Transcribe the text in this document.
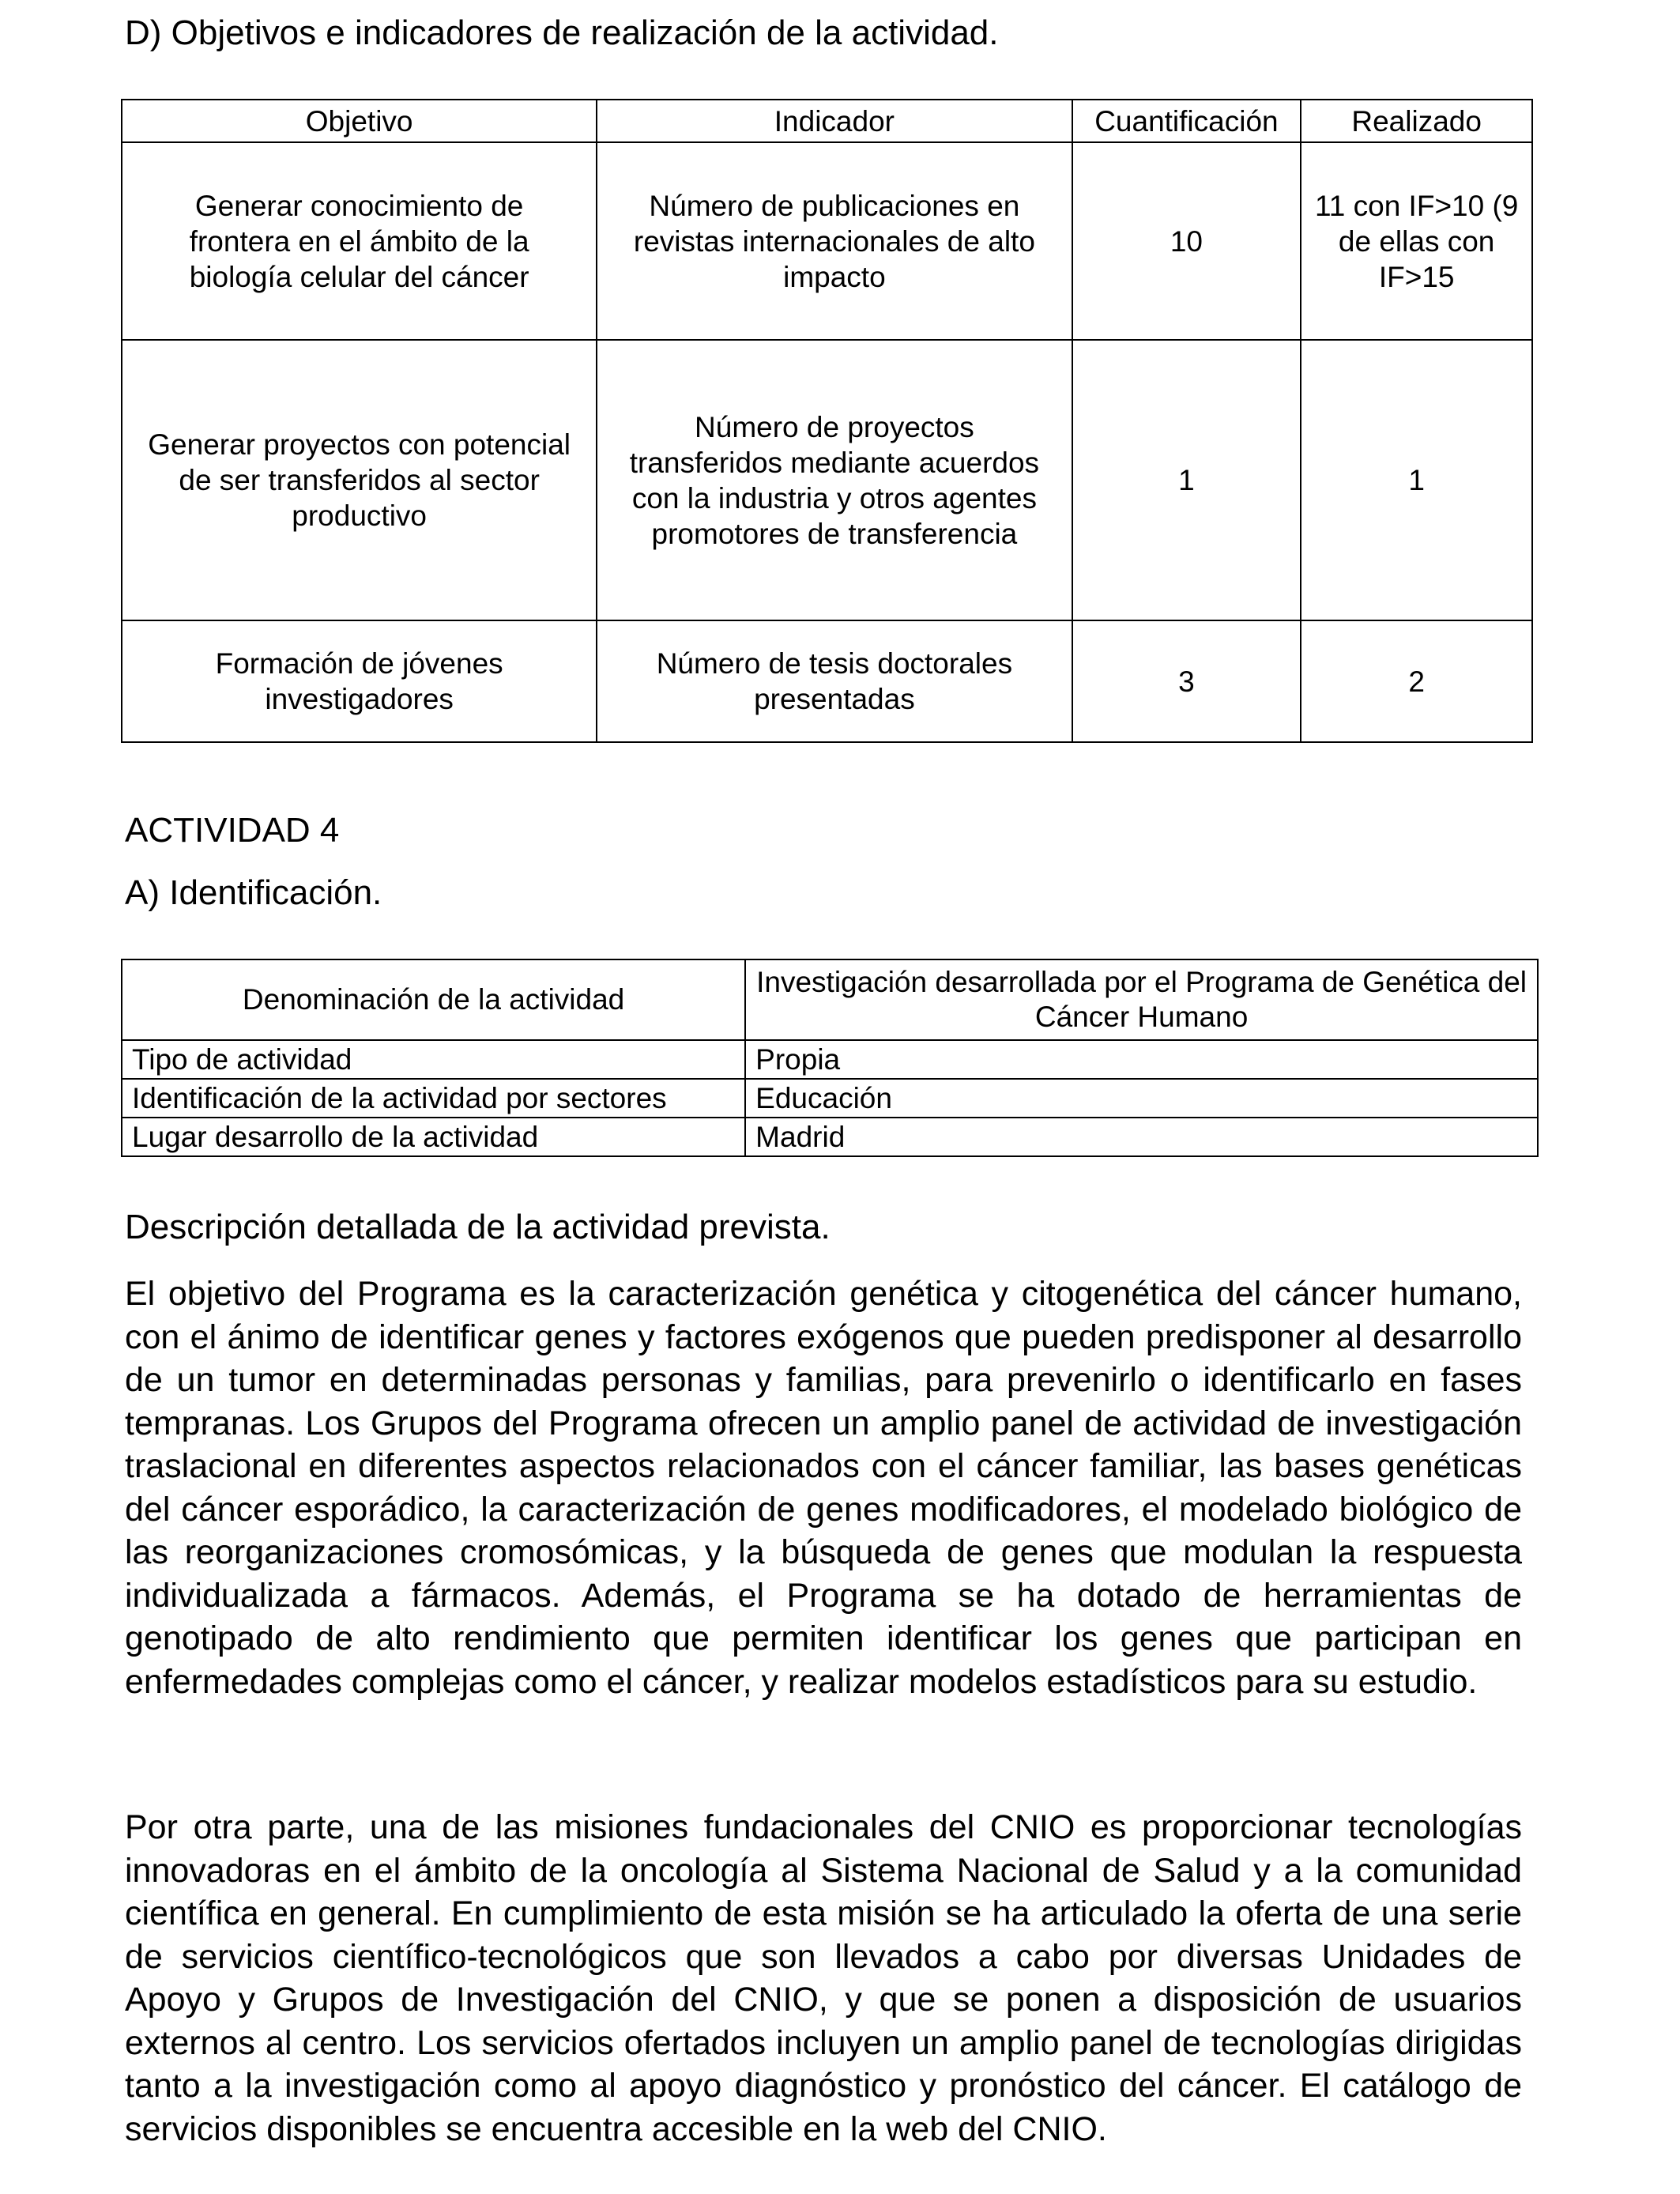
D) Objetivos e indicadores de realización de la actividad.
Objetivo	Indicador	Cuantificación	Realizado
Generar conocimiento de frontera en el ámbito de la biología celular del cáncer	Número de publicaciones en revistas internacionales de alto impacto	10	11 con IF>10 (9 de ellas con IF>15
Generar proyectos con potencial de ser transferidos al sector productivo	Número de proyectos transferidos mediante acuerdos con la industria y otros agentes promotores de transferencia	1	1
Formación de jóvenes investigadores	Número de tesis doctorales presentadas	3	2
ACTIVIDAD 4
A) Identificación.
Denominación de la actividad	Investigación desarrollada por el Programa de Genética del Cáncer Humano
Tipo de actividad	Propia
Identificación de la actividad por sectores	Educación
Lugar desarrollo de la actividad	Madrid
Descripción detallada de la actividad prevista.

El objetivo del Programa es la caracterización genética y citogenética del cáncer humano, con el ánimo de identificar genes y factores exógenos que pueden predisponer al desarrollo de un tumor en determinadas personas y familias, para prevenirlo o identificarlo en fases tempranas. Los Grupos del Programa ofrecen un amplio panel de actividad de investigación traslacional en diferentes aspectos relacionados con el cáncer familiar, las bases genéticas del cáncer esporádico, la caracterización de genes modificadores, el modelado biológico de las reorganizaciones cromosómicas, y la búsqueda de genes que modulan la respuesta individualizada a fármacos. Además, el Programa se ha dotado de herramientas de genotipado de alto rendimiento que permiten identificar los genes que participan en enfermedades complejas como el cáncer, y realizar modelos estadísticos para su estudio.

Por otra parte, una de las misiones fundacionales del CNIO es proporcionar tecnologías innovadoras en el ámbito de la oncología al Sistema Nacional de Salud y a la comunidad científica en general. En cumplimiento de esta misión se ha articulado la oferta de una serie de servicios científico-tecnológicos que son llevados a cabo por diversas Unidades de Apoyo y Grupos de Investigación del CNIO, y que se ponen a disposición de usuarios externos al centro. Los servicios ofertados incluyen un amplio panel de tecnologías dirigidas tanto a la investigación como al apoyo diagnóstico y pronóstico del cáncer. El catálogo de servicios disponibles se encuentra accesible en la web del CNIO.
